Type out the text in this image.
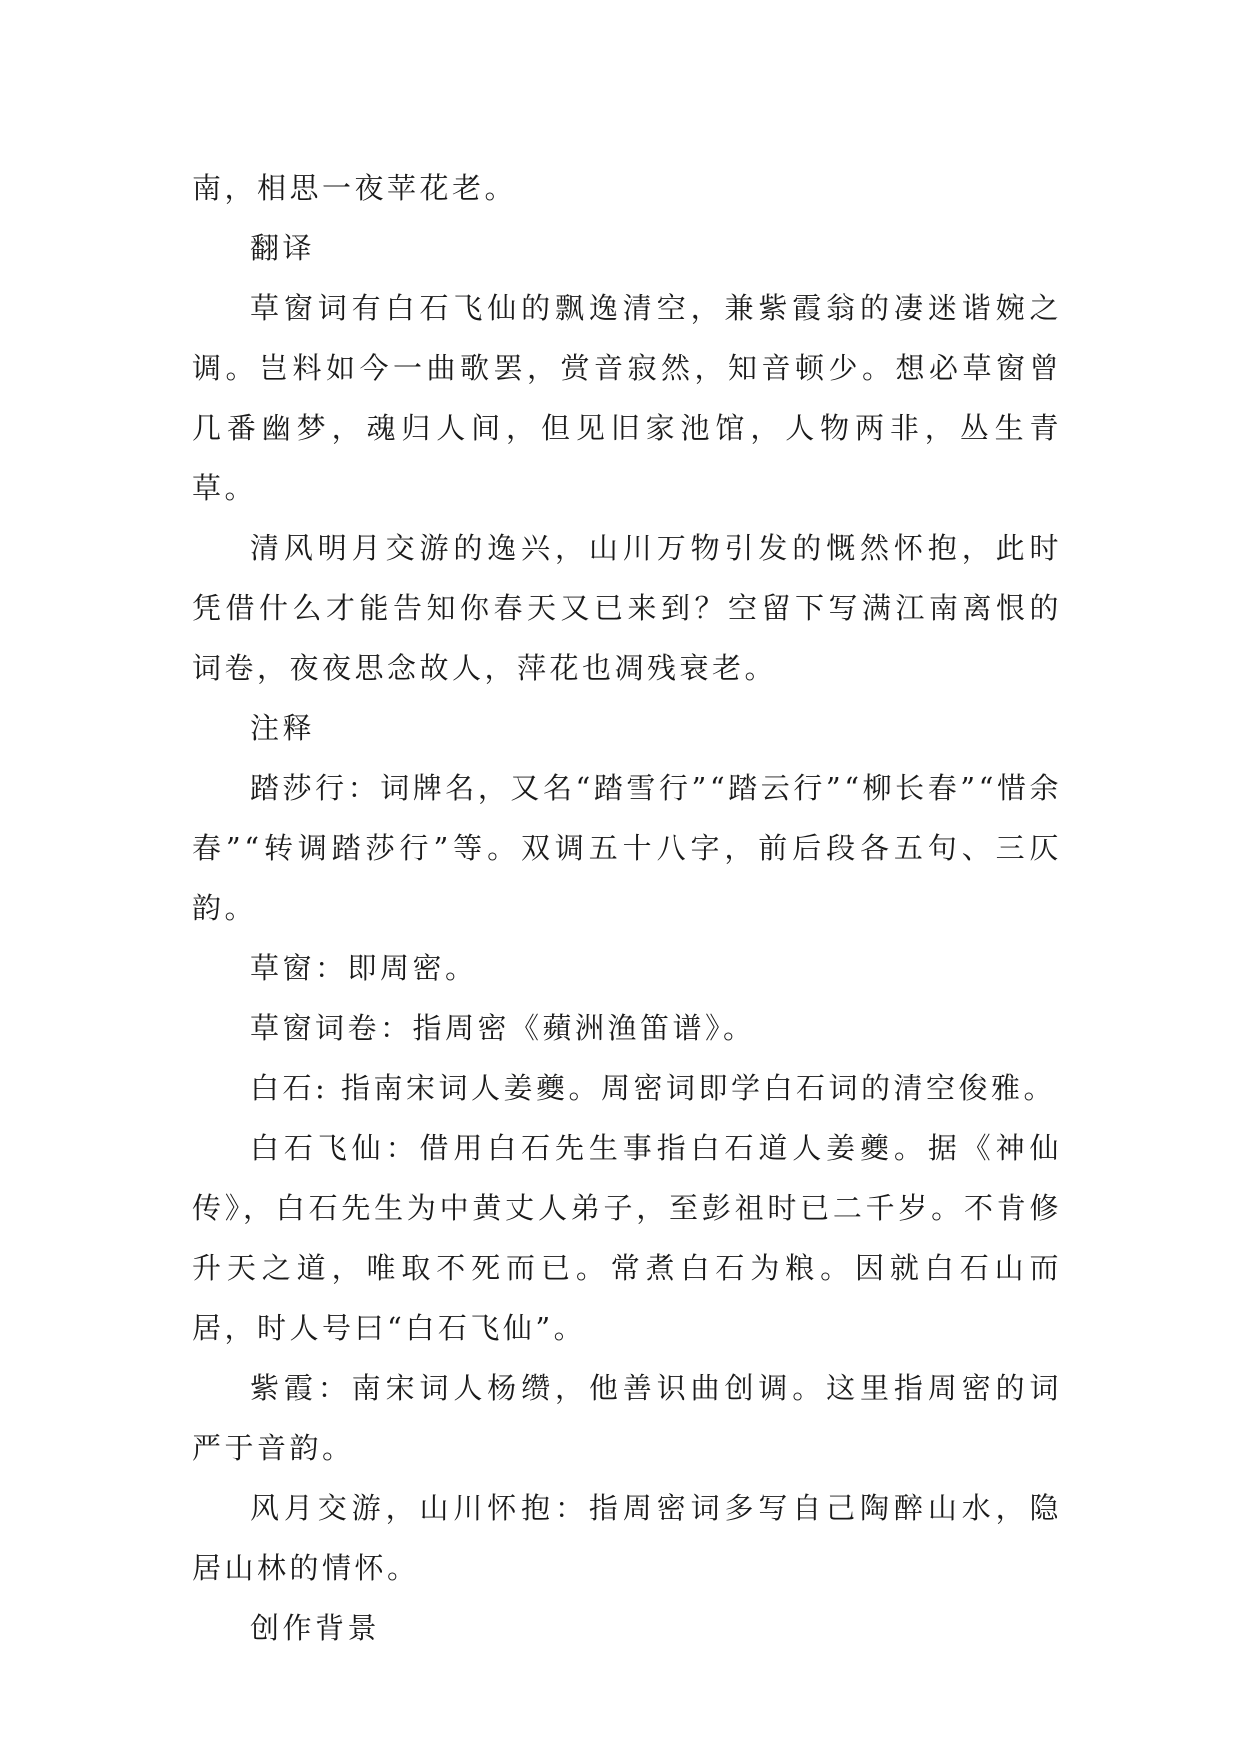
南，相思一夜苹花老。

翻译

草窗词有白石飞仙的飘逸清空，兼紫霞翁的凄迷谐婉之调。岂料如今一曲歌罢，赏音寂然，知音顿少。想必草窗曾几番幽梦，魂归人间，但见旧家池馆，人物两非，丛生青草。

清风明月交游的逸兴，山川万物引发的慨然怀抱，此时凭借什么才能告知你春天又已来到？空留下写满江南离恨的词卷，夜夜思念故人，萍花也凋残衰老。

注释

踏莎行：词牌名，又名“踏雪行”“踏云行”“柳长春”“惜余春”“转调踏莎行”等。双调五十八字，前后段各五句、三仄韵。

草窗：即周密。

草窗词卷：指周密《蘋洲渔笛谱》。

白石: 指南宋词人姜夔。周密词即学白石词的清空俊雅。

白石飞仙：借用白石先生事指白石道人姜夔。据《神仙传》，白石先生为中黄丈人弟子，至彭祖时已二千岁。不肯修升天之道，唯取不死而已。常煮白石为粮。因就白石山而居，时人号曰“白石飞仙”。

紫霞：南宋词人杨缵，他善识曲创调。这里指周密的词严于音韵。

风月交游，山川怀抱：指周密词多写自己陶醉山水，隐居山林的情怀。

创作背景
